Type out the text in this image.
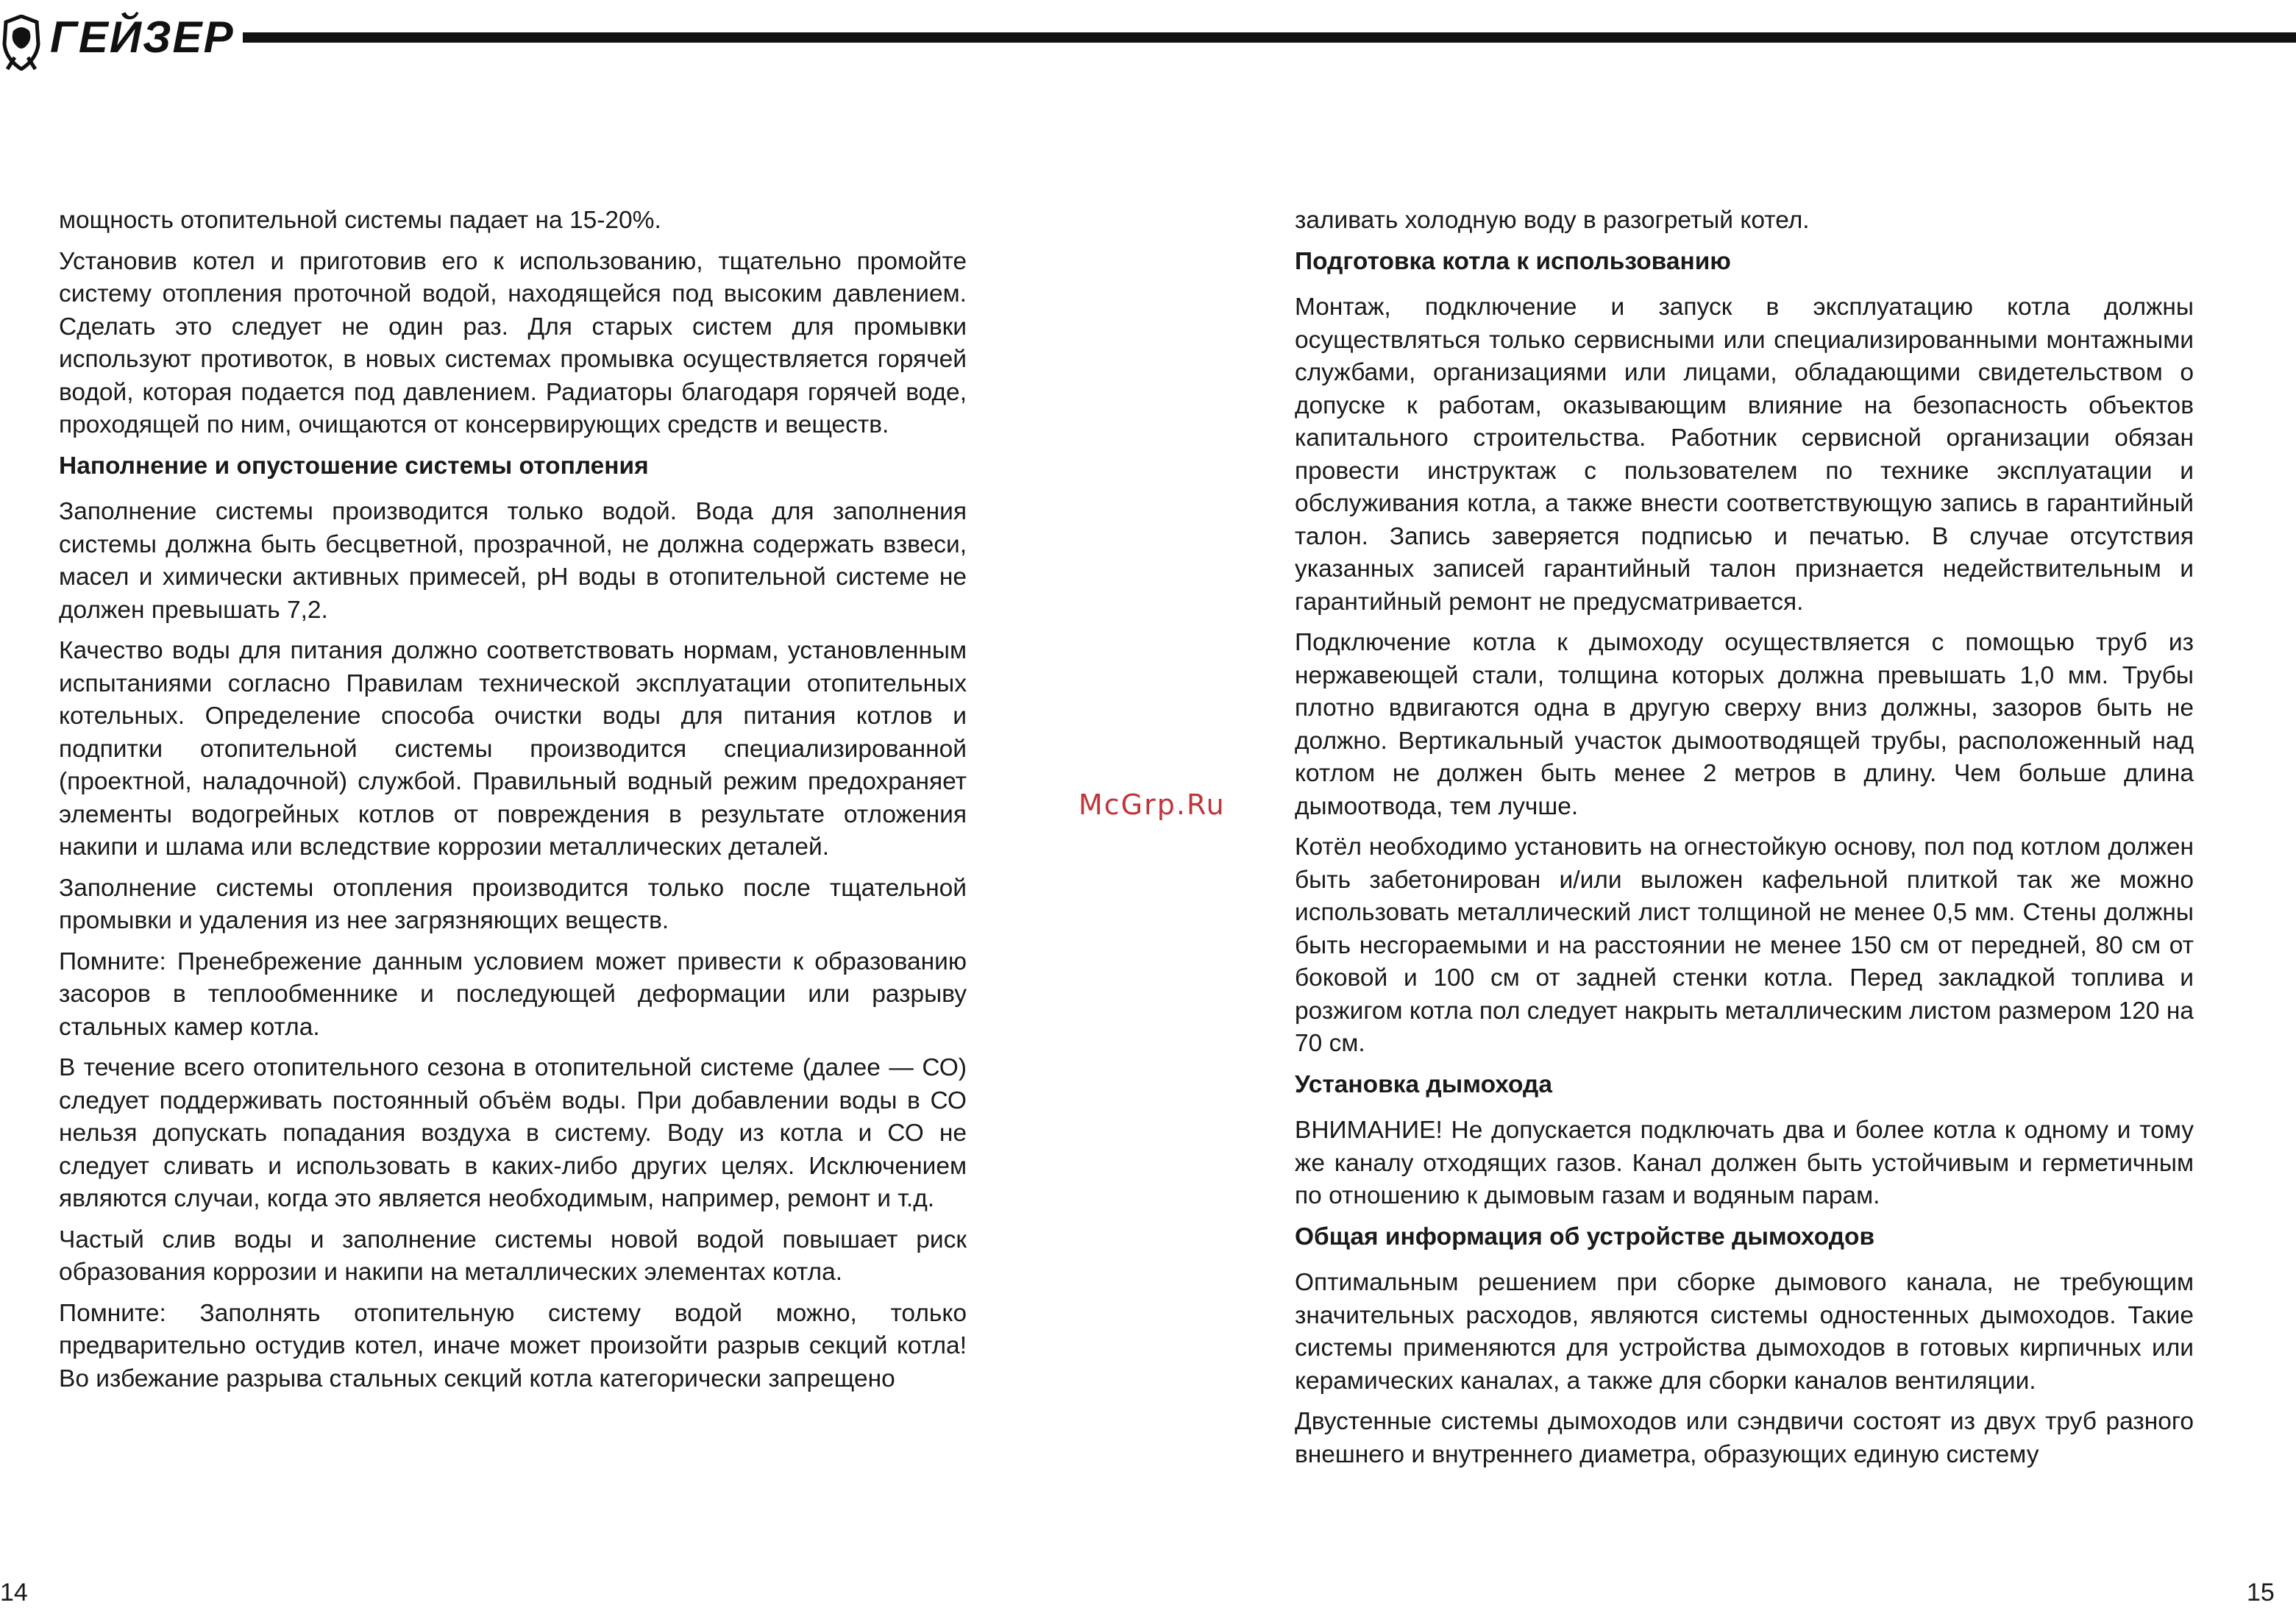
ГЕЙЗЕР

мощность отопительной системы падает на 15-20%.

Установив котел и приготовив его к использованию, тщательно промойте систему отопления проточной водой, находящейся под высоким давлением. Сделать это следует не один раз. Для старых систем для промывки используют противоток, в новых системах промывка осуществляется горячей водой, которая подается под давлением. Радиаторы благодаря горячей воде, проходящей по ним, очищаются от консервирующих средств и веществ.

Наполнение и опустошение системы отопления

Заполнение системы производится только водой. Вода для заполнения системы должна быть бесцветной, прозрачной, не должна содержать взвеси, масел и химически активных примесей, pH воды в отопительной системе не должен превышать 7,2.

Качество воды для питания должно соответствовать нормам, установленным испытаниями согласно Правилам технической эксплуатации отопительных котельных. Определение способа очистки воды для питания котлов и подпитки отопительной системы производится специализированной (проектной, наладочной) службой. Правильный водный режим предохраняет элементы водогрейных котлов от повреждения в результате отложения накипи и шлама или вследствие коррозии металлических деталей.

Заполнение системы отопления производится только после тщательной промывки и удаления из нее загрязняющих веществ.

Помните: Пренебрежение данным условием может привести к образованию засоров в теплообменнике и последующей деформации или разрыву стальных камер котла.

В течение всего отопительного сезона в отопительной системе (далее — СО) следует поддерживать постоянный объём воды. При добавлении воды в СО нельзя допускать попадания воздуха в систему. Воду из котла и СО не следует сливать и использовать в каких-либо других целях. Исключением являются случаи, когда это является необходимым, например, ремонт и т.д.

Частый слив воды и заполнение системы новой водой повышает риск образования коррозии и накипи на металлических элементах котла.

Помните: Заполнять отопительную систему водой можно, только предварительно остудив котел, иначе может произойти разрыв секций котла! Во избежание разрыва стальных секций котла категорически запрещено

заливать холодную воду в разогретый котел.

Подготовка котла к использованию

Монтаж, подключение и запуск в эксплуатацию котла должны осуществляться только сервисными или специализированными монтажными службами, организациями или лицами, обладающими свидетельством о допуске к работам, оказывающим влияние на безопасность объектов капитального строительства. Работник сервисной организации обязан провести инструктаж с пользователем по технике эксплуатации и обслуживания котла, а также внести соответствующую запись в гарантийный талон. Запись заверяется подписью и печатью. В случае отсутствия указанных записей гарантийный талон признается недействительным и гарантийный ремонт не предусматривается.

Подключение котла к дымоходу осуществляется с помощью труб из нержавеющей стали, толщина которых должна превышать 1,0 мм. Трубы плотно вдвигаются одна в другую сверху вниз должны, зазоров быть не должно. Вертикальный участок дымоотводящей трубы, расположенный над котлом не должен быть менее 2 метров в длину. Чем больше длина дымоотвода, тем лучше.

Котёл необходимо установить на огнестойкую основу, пол под котлом должен быть забетонирован и/или выложен кафельной плиткой так же можно использовать металлический лист толщиной не менее 0,5 мм. Стены должны быть несгораемыми и на расстоянии не менее 150 см от передней, 80 см от боковой и 100 см от задней стенки котла. Перед закладкой топлива и розжигом котла пол следует накрыть металлическим листом размером 120 на 70 см.

Установка дымохода

ВНИМАНИЕ! Не допускается подключать два и более котла к одному и тому же каналу отходящих газов. Канал должен быть устойчивым и герметичным по отношению к дымовым газам и водяным парам.

Общая информация об устройстве дымоходов

Оптимальным решением при сборке дымового канала, не требующим значительных расходов, являются системы одностенных дымоходов. Такие системы применяются для устройства дымоходов в готовых кирпичных или керамических каналах, а также для сборки каналов вентиляции.

Двустенные системы дымоходов или сэндвичи состоят из двух труб разного внешнего и внутреннего диаметра, образующих единую систему

McGrp.Ru
14	15
